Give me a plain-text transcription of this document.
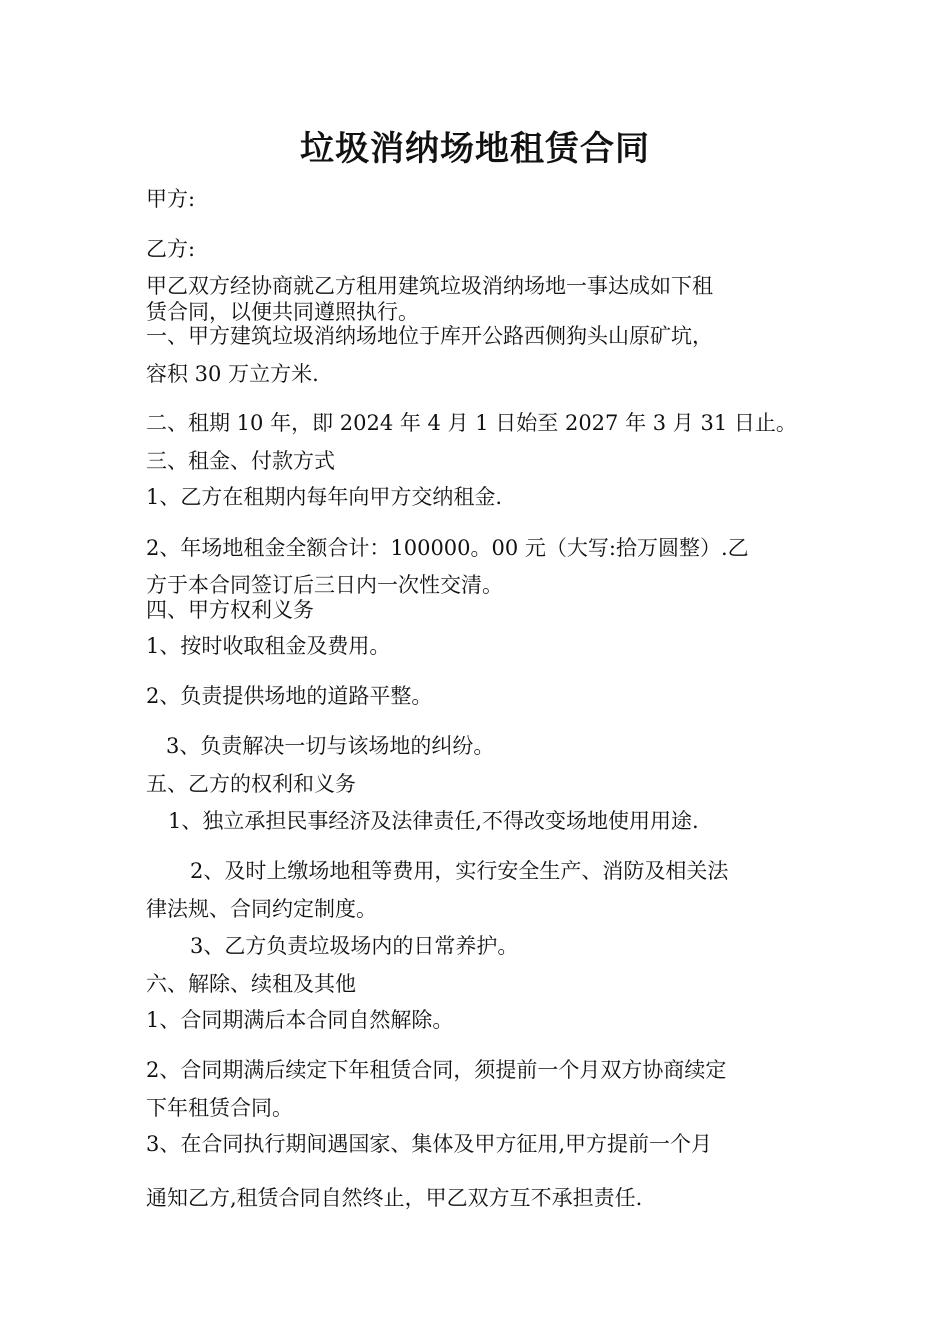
垃圾消纳场地租赁合同
甲方:
乙方:
甲乙双方经协商就乙方租用建筑垃圾消纳场地一事达成如下租
赁合同，以便共同遵照执行。
一、甲方建筑垃圾消纳场地位于库开公路西侧狗头山原矿坑，
容积 30 万立方米.
二、租期 10 年，即 2024 年 4 月 1 日始至 2027 年 3 月 31 日止。
三、租金、付款方式
1、乙方在租期内每年向甲方交纳租金.
2、年场地租金全额合计：100000。00 元（大写:拾万圆整）.乙
方于本合同签订后三日内一次性交清。
四、甲方权利义务
1、按时收取租金及费用。
2、负责提供场地的道路平整。
3、负责解决一切与该场地的纠纷。
五、乙方的权利和义务
1、独立承担民事经济及法律责任,不得改变场地使用用途.
2、及时上缴场地租等费用，实行安全生产、消防及相关法
律法规、合同约定制度。
3、乙方负责垃圾场内的日常养护。
六、解除、续租及其他
1、合同期满后本合同自然解除。
2、合同期满后续定下年租赁合同，须提前一个月双方协商续定
下年租赁合同。
3、在合同执行期间遇国家、集体及甲方征用,甲方提前一个月
通知乙方,租赁合同自然终止，甲乙双方互不承担责任.
